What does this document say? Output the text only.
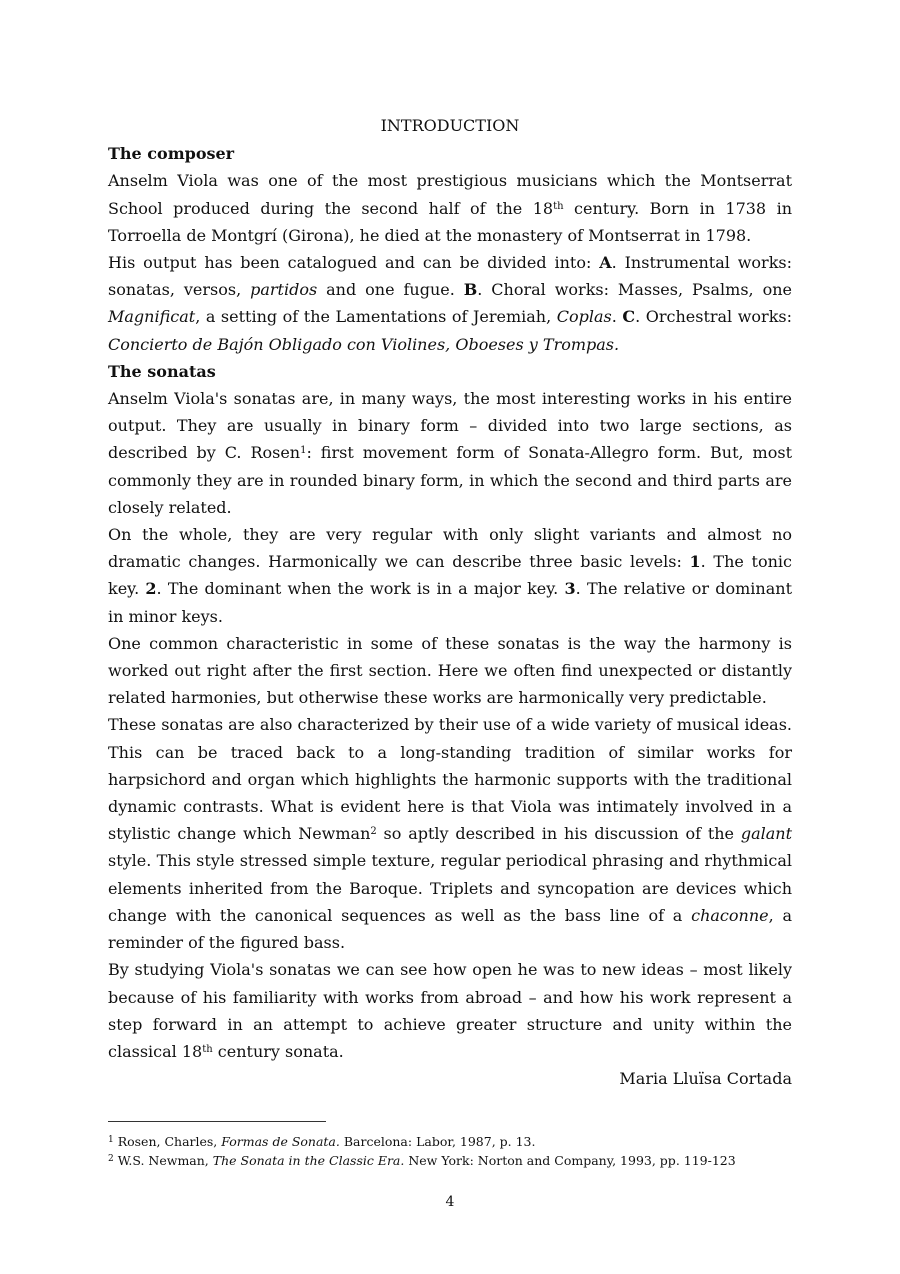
INTRODUCTION
The composer

Anselm Viola was one of the most prestigious musicians which the Montserrat School produced during the second half of the 18th century. Born in 1738 in Torroella de Montgrí (Girona), he died at the monastery of Montserrat in 1798.

His output has been catalogued and can be divided into: A. Instrumental works: sonatas, versos, partidos and one fugue. B. Choral works: Masses, Psalms, one Magnificat, a setting of the Lamentations of Jeremiah, Coplas. C. Orchestral works: Concierto de Bajón Obligado con Violines, Oboeses y Trompas.

The sonatas

Anselm Viola's sonatas are, in many ways, the most interesting works in his entire output. They are usually in binary form – divided into two large sections, as described by C. Rosen$^1$: first movement form of Sonata-Allegro form. But, most commonly they are in rounded binary form, in which the second and third parts are closely related.

On the whole, they are very regular with only slight variants and almost no dramatic changes. Harmonically we can describe three basic levels: 1. The tonic key. 2. The dominant when the work is in a major key. 3. The relative or dominant in minor keys.

One common characteristic in some of these sonatas is the way the harmony is worked out right after the first section. Here we often find unexpected or distantly related harmonies, but otherwise these works are harmonically very predictable.

These sonatas are also characterized by their use of a wide variety of musical ideas. This can be traced back to a long-standing tradition of similar works for harpsichord and organ which highlights the harmonic supports with the traditional dynamic contrasts. What is evident here is that Viola was intimately involved in a stylistic change which Newman$^2$ so aptly described in his discussion of the galant style. This style stressed simple texture, regular periodical phrasing and rhythmical elements inherited from the Baroque. Triplets and syncopation are devices which change with the canonical sequences as well as the bass line of a chaconne, a reminder of the figured bass.

By studying Viola's sonatas we can see how open he was to new ideas – most likely because of his familiarity with works from abroad – and how his work represent a step forward in an attempt to achieve greater structure and unity within the classical 18th century sonata.

Maria Lluïsa Cortada
$^1$ Rosen, Charles, Formas de Sonata. Barcelona: Labor, 1987, p. 13.
$^2$ W.S. Newman, The Sonata in the Classic Era. New York: Norton and Company, 1993, pp. 119-123
4
